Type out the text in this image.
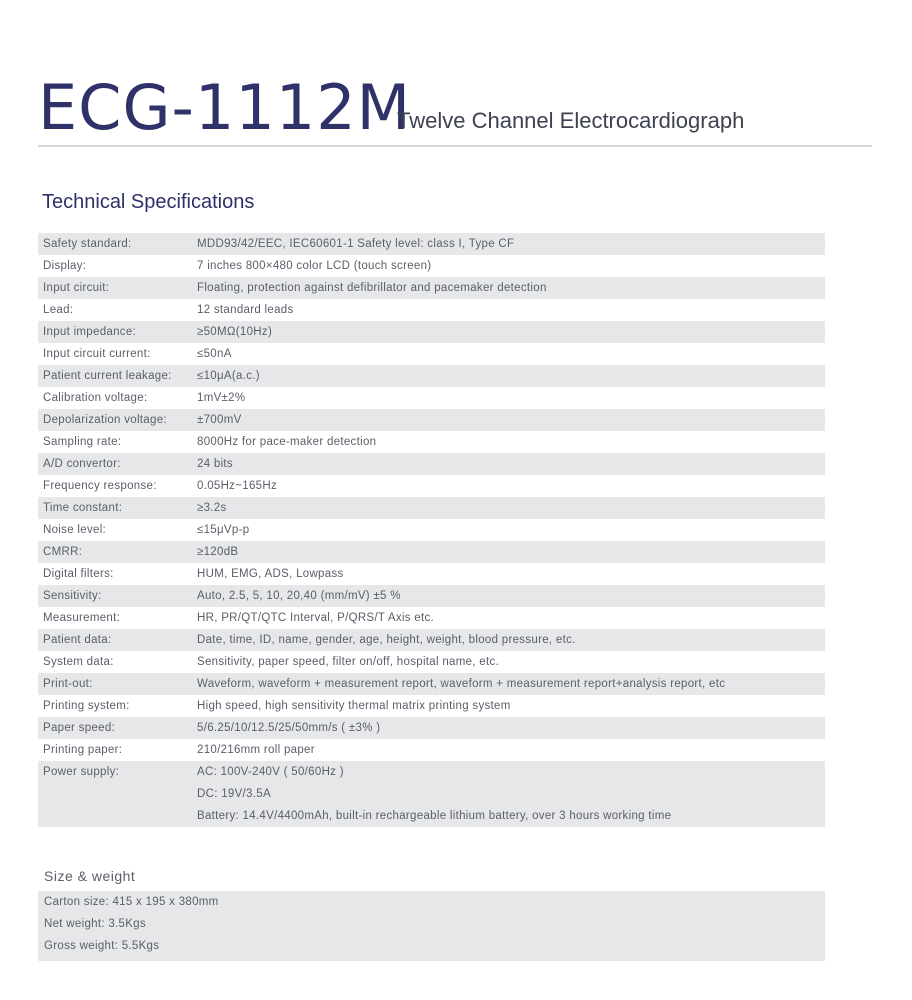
ECG-1112M
Twelve Channel Electrocardiograph
Technical Specifications
Safety standard:	MDD93/42/EEC, IEC60601-1 Safety level: class I, Type CF

Display:	7 inches 800×480 color LCD (touch screen)

Input circuit:	Floating, protection against defibrillator and pacemaker detection

Lead:	12 standard leads

Input impedance:	≥50MΩ(10Hz)

Input circuit current:	≤50nA

Patient current leakage:	≤10μA(a.c.)

Calibration voltage:	1mV±2%

Depolarization voltage:	±700mV

Sampling rate:	8000Hz for pace-maker detection

A/D convertor:	24 bits

Frequency response:	0.05Hz~165Hz

Time constant:	≥3.2s

Noise level:	≤15μVp-p

CMRR:	≥120dB

Digital filters:	HUM, EMG, ADS, Lowpass

Sensitivity:	Auto, 2.5, 5, 10, 20,40 (mm/mV) ±5 %

Measurement:	HR, PR/QT/QTC Interval, P/QRS/T Axis etc.

Patient data:	Date, time, ID, name, gender, age, height, weight, blood pressure, etc.

System data:	Sensitivity, paper speed, filter on/off, hospital name, etc.

Print-out:	Waveform, waveform + measurement report, waveform + measurement report+analysis report, etc

Printing system:	High speed, high sensitivity thermal matrix printing system

Paper speed:	5/6.25/10/12.5/25/50mm/s ( ±3% )

Printing paper:	210/216mm roll paper

Power supply:	AC: 100V-240V ( 50/60Hz )
DC: 19V/3.5A
Battery: 14.4V/4400mAh, built-in rechargeable lithium battery, over 3 hours working time
Size & weight
Carton size: 415 x 195 x 380mm
Net weight: 3.5Kgs
Gross weight: 5.5Kgs
